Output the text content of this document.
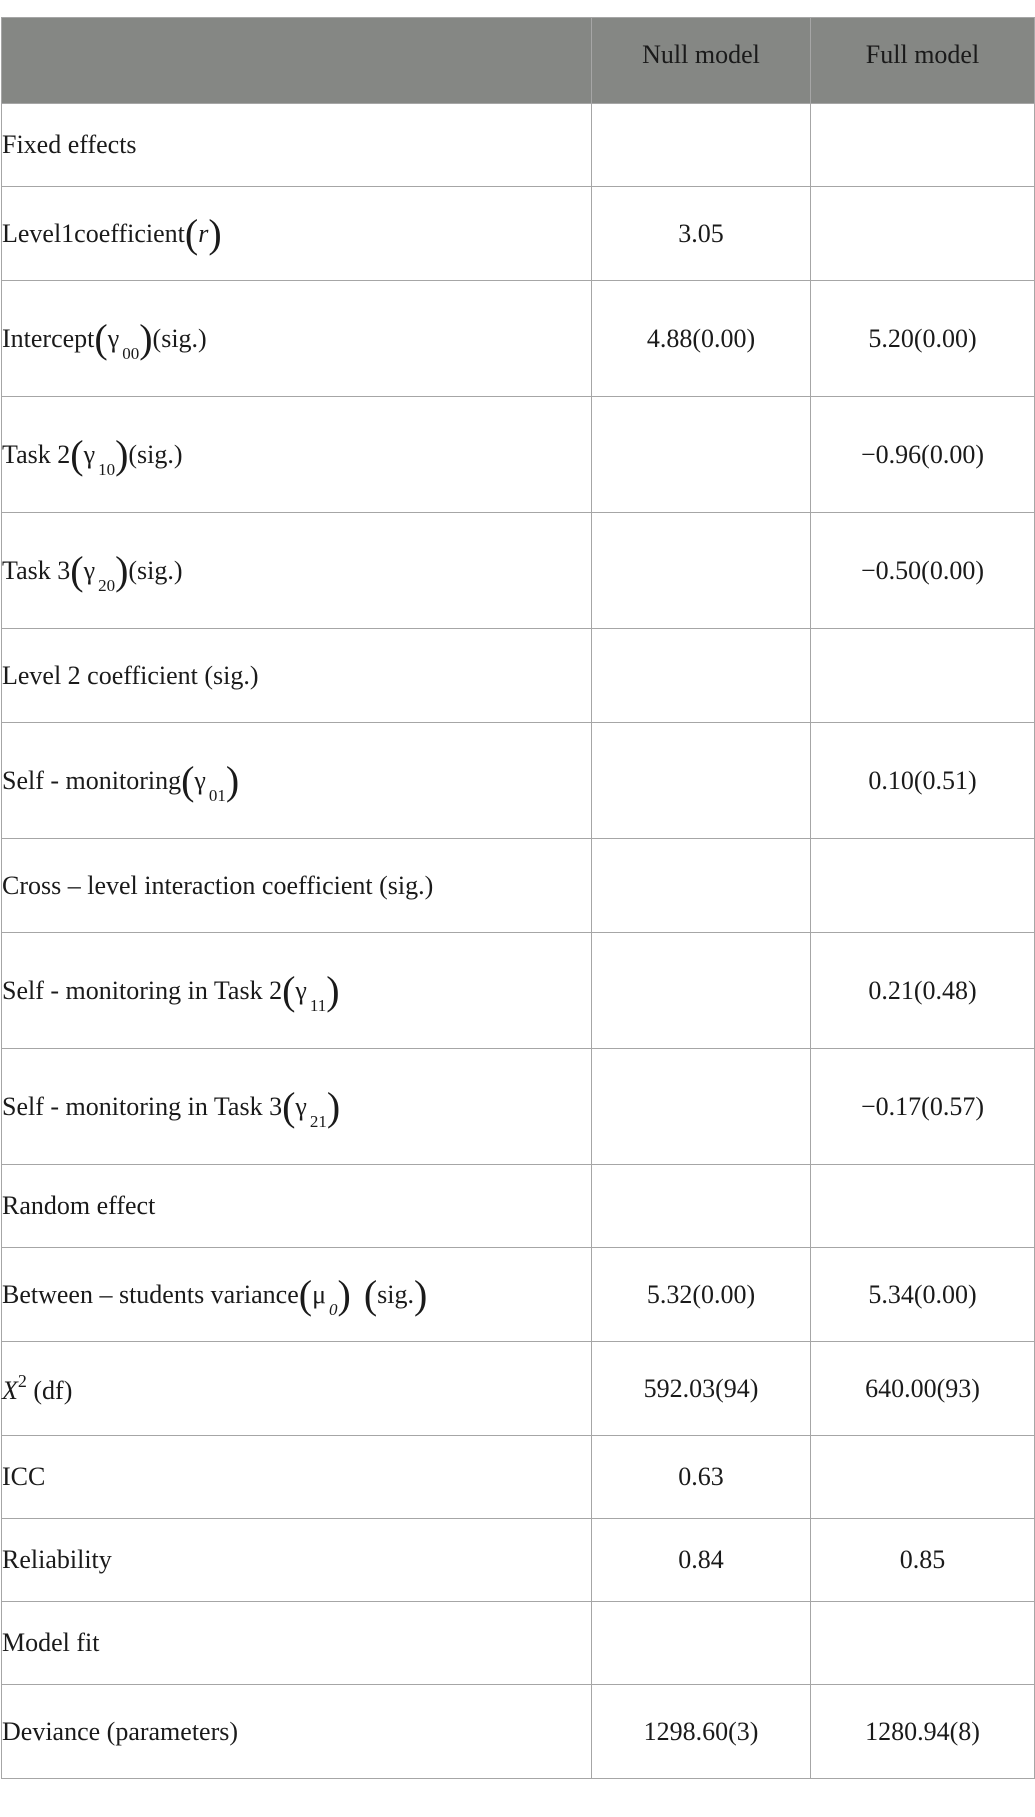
	Null model	Full model
Fixed effects		
Level1coefficient(r)	3.05	
$Intercept(\gamma_{00})(sig.)$	4.88(0.00)	5.20(0.00)
Task $2(\gamma_{10})(sig.)$		−0.96(0.00)
Task $3(\gamma_{20})(sig.)$		−0.50(0.00)
Level 2 coefficient (sig.)		
Self - $monitoring(\gamma_{01})$		0.10(0.51)
Cross – level interaction coefficient (sig.)		
Self - monitoring in Task $2(\gamma_{11})$		0.21(0.48)
Self - monitoring in Task $3(\gamma_{21})$		−0.17(0.57)
Random effect		
Between – students $variance(\mu_0)$ (sig.)	5.32(0.00)	5.34(0.00)
$X^2$ (df)	592.03(94)	640.00(93)
ICC	0.63	
Reliability	0.84	0.85
Model fit		
Deviance (parameters)	1298.60(3)	1280.94(8)
